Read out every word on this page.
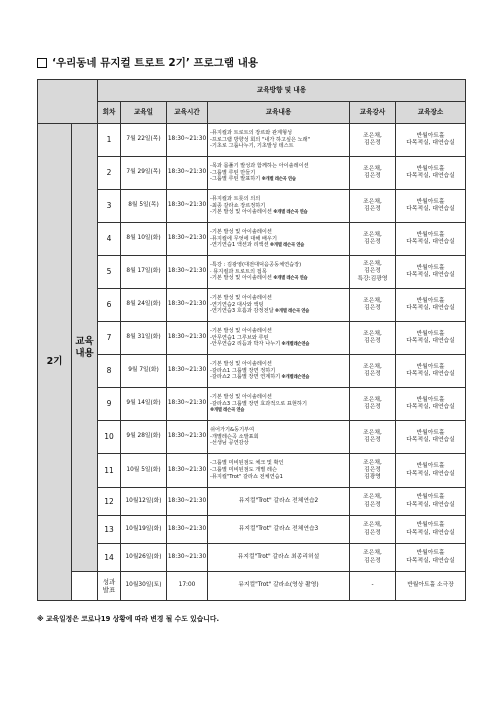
‘우리동네 뮤지컬 트로트 2기’ 프로그램 내용
		교육방향 및 내용					
		회차	교육일	교육시간	교육내용	교육강사	교육장소

2기	교육
내용	1	7월 22일(목)	18:30~21:30	-뮤지컬과 트로트의 장르와 관계형성
-프로그램 방향성 회의 "내가 하고싶은 노래"
-기초로 그룹나누기, 기초발성 테스트	조은채,
김은정	반월아트홀
다목적실, 대연습실

		2	7월 29일(목)	18:30~21:30	-목과 몸풀기 발성과 함께하는 아이솔레이션
-그룹별 루틴 만들기
-그룹별 루틴 발표하기 ※개별 레슨곡 연습	조은채,
김은정	반월아트홀
다목적실, 대연습실

		3	8월 5일(목)	18:30~21:30	-뮤지컬과 트롯의 의의
-최종 갈라쇼 장르정하기
-기본 발성 및 아이솔레이션 ※개별 레슨곡 연습	조은채,
김은정	반월아트홀
다목적실, 대연습실

		4	8월 10일(화)	18:30~21:30	-기본 발성 및 아이솔레이션
-뮤지컬에 무엇에 대해 배우기
-연기연습1 액션과 리액션 ※개별 레슨곡 연습	조은채,
김은정	반월아트홀
다목적실, 대연습실

		5	8월 17일(화)	18:30~21:30	-특강 : 김광영(대전대덕음공동체연습장)
· 뮤지컬과 트로트의 접목
-기본 발성 및 아이솔레이션 ※개별 레슨곡 연습	조은채,
김은정
특강:김광영	반월아트홀
다목적실, 대연습실

		6	8월 24일(화)	18:30~21:30	-기본 발성 및 아이솔레이션
-연기연습2 대사와 액팅
-연기연습3 호흡과 감정전달 ※개별 레슨곡 연습	조은채,
김은정	반월아트홀
다목적실, 대연습실

		7	8월 31일(화)	18:30~21:30	-기본 발성 및 아이솔레이션
-안무연습1 그루브와 루틴
-안무연습2 리듬과 박자 나누기 ※개별레슨연습	조은채,
김은정	반월아트홀
다목적실, 대연습실

		8	9월 7일(화)	18:30~21:30	-기본 발성 및 아이솔레이션
-갈라쇼1 그룹별 장면 정하기
-갈라쇼2 그룹별 장면 연계하기 ※개별레슨연습	조은채,
김은정	반월아트홀
다목적실, 대연습실

		9	9월 14일(화)	18:30~21:30	-기본 발성 및 아이솔레이션
-갈라쇼3 그룹별 장면 효과적으로 표현하기
※개별 레슨곡 연습	조은채,
김은정	반월아트홀
다목적실, 대연습실

		10	9월 28일(화)	18:30~21:30	쉬어가기&동기부여
-개별레슨곡 소발표회
-선생님 공연감상	조은채,
김은정	반월아트홀
다목적실, 대연습실

		11	10월 5일(화)	18:30~21:30	-그룹별 미비된점도 체크 및 확인
-그룹별 미비된점도 개별 레슨
-뮤지컬"Trot" 갈라쇼 전체연습1	조은채,
김은정
김광영	반월아트홀
다목적실, 대연습실

		12	10월12일(화)	18:30~21:30	뮤지컬"Trot" 갈라쇼 전체연습2	조은채,
김은정	반월아트홀
다목적실, 대연습실

		13	10월19일(화)	18:30~21:30	뮤지컬"Trot" 갈라쇼 전체연습3	조은채,
김은정	반월아트홀
다목적실, 대연습실

		14	10월26일(화)	18:30~21:30	뮤지컬"Trot" 갈라쇼 최종리허설	조은채,
김은정	반월아트홀
다목적실, 대연습실

		성과
발표	10월30일(토)	17:00	뮤지컬"Trot" 갈라쇼(영상 촬영)	-	반월아트홀 소극장
※ 교육일정은 코로나19 상황에 따라 변경 될 수도 있습니다.
